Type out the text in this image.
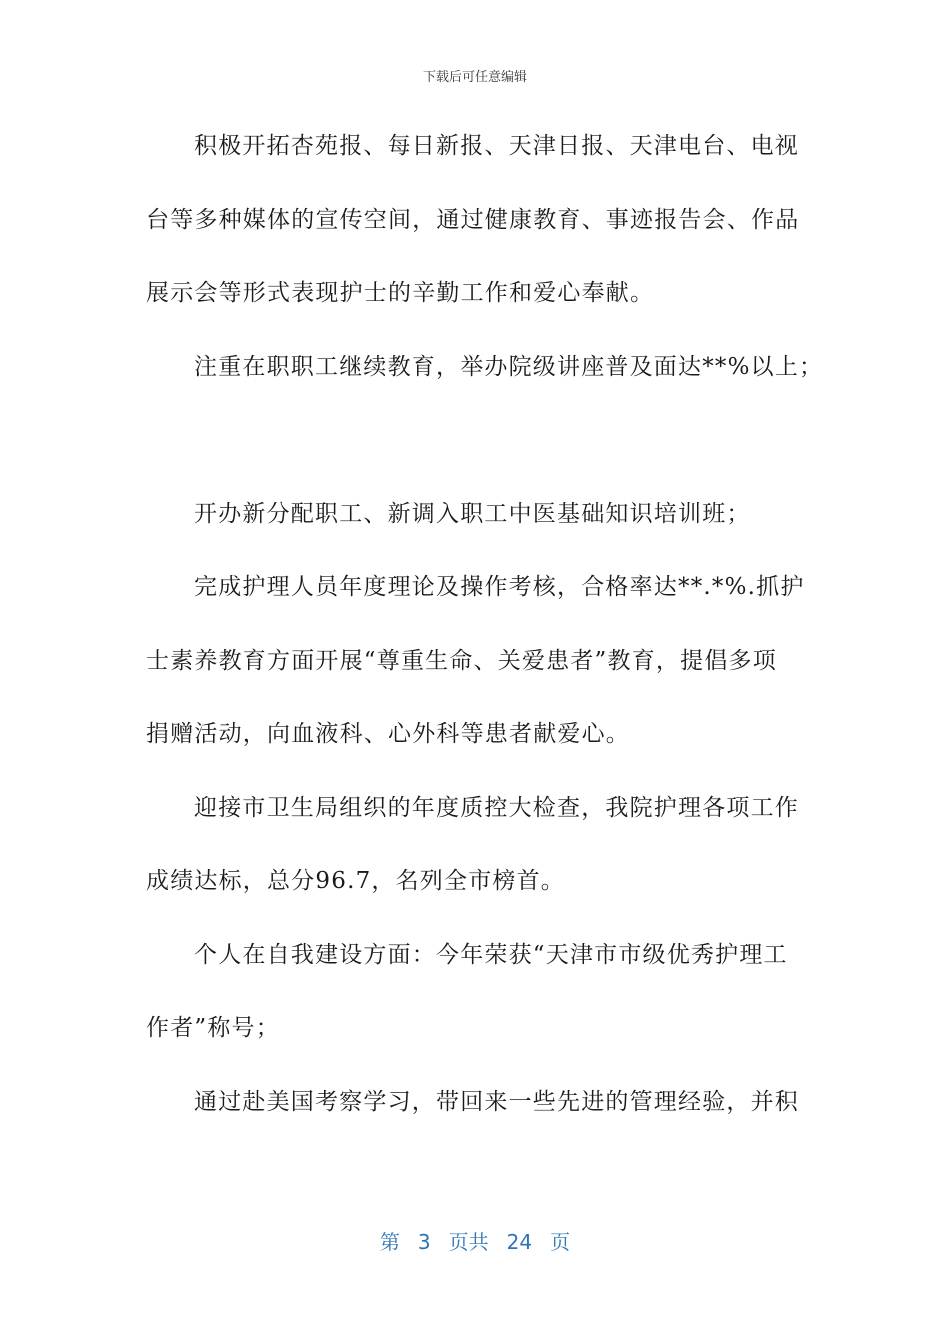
下载后可任意编辑
积极开拓杏苑报、每日新报、天津日报、天津电台、电视
台等多种媒体的宣传空间，通过健康教育、事迹报告会、作品
展示会等形式表现护士的辛勤工作和爱心奉献。
注重在职职工继续教育，举办院级讲座普及面达**%以上；
开办新分配职工、新调入职工中医基础知识培训班；
完成护理人员年度理论及操作考核，合格率达**.*%.抓护
士素养教育方面开展“尊重生命、关爱患者”教育，提倡多项
捐赠活动，向血液科、心外科等患者献爱心。
迎接市卫生局组织的年度质控大检查，我院护理各项工作
成绩达标，总分96.7，名列全市榜首。
个人在自我建设方面：今年荣获“天津市市级优秀护理工
作者”称号；
通过赴美国考察学习，带回来一些先进的管理经验，并积
第 3 页共 24 页
